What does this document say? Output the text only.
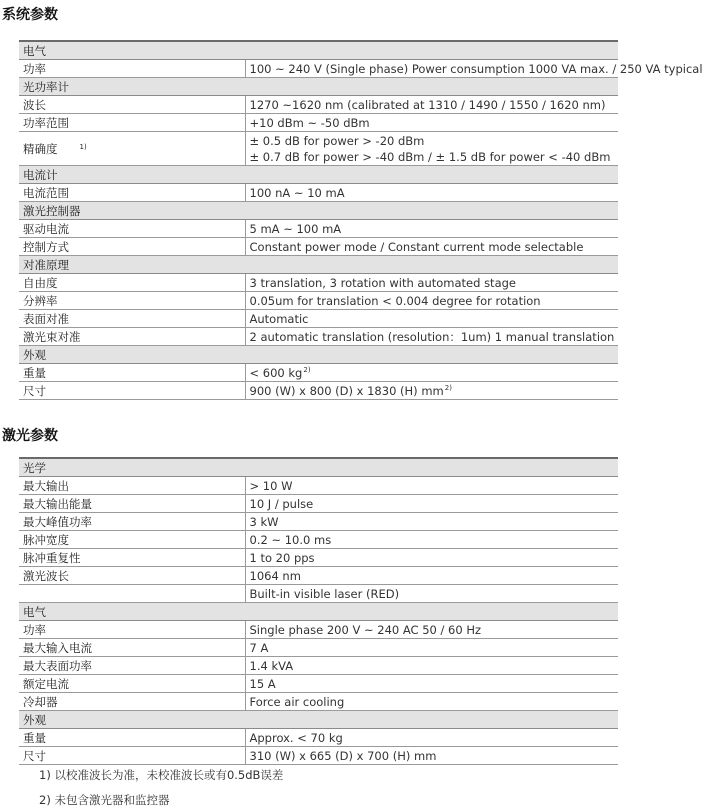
系统参数
电气	
功率	100 ~ 240 V (Single phase) Power consumption 1000 VA max. / 250 VA typical
光功率计	
波长	1270 ~1620 nm (calibrated at 1310 / 1490 / 1550 / 1620 nm)
功率范围	+10 dBm ~ -50 dBm
精确度 $^{1)}$	± 0.5 dB for power > -20 dBm
± 0.7 dB for power > -40 dBm / ± 1.5 dB for power < -40 dBm

电流计	
电流范围	100 nA ~ 10 mA
激光控制器	
驱动电流	5 mA ~ 100 mA
控制方式	Constant power mode / Constant current mode selectable
对准原理	
自由度	3 translation, 3 rotation with automated stage
分辨率	0.05um for translation < 0.004 degree for rotation
表面对准	Automatic
激光束对准	2 automatic translation (resolution：1um) 1 manual translation
外观	
重量	< 600 kg$^{2)}$
尺寸	900 (W) x 800 (D) x 1830 (H) mm$^{2)}$
激光参数
光学	
最大输出	> 10 W
最大输出能量	10 J / pulse
最大峰值功率	3 kW
脉冲宽度	0.2 ~ 10.0 ms
脉冲重复性	1 to 20 pps
激光波长	1064 nm
	Built-in visible laser (RED)
电气	
功率	Single phase 200 V ~ 240 AC 50 / 60 Hz
最大输入电流	7 A
最大表面功率	1.4 kVA
额定电流	15 A
冷却器	Force air cooling
外观	
重量	Approx. < 70 kg
尺寸	310 (W) x 665 (D) x 700 (H) mm
1) 以校准波长为准，未校准波长或有0.5dB误差
2) 未包含激光器和监控器
